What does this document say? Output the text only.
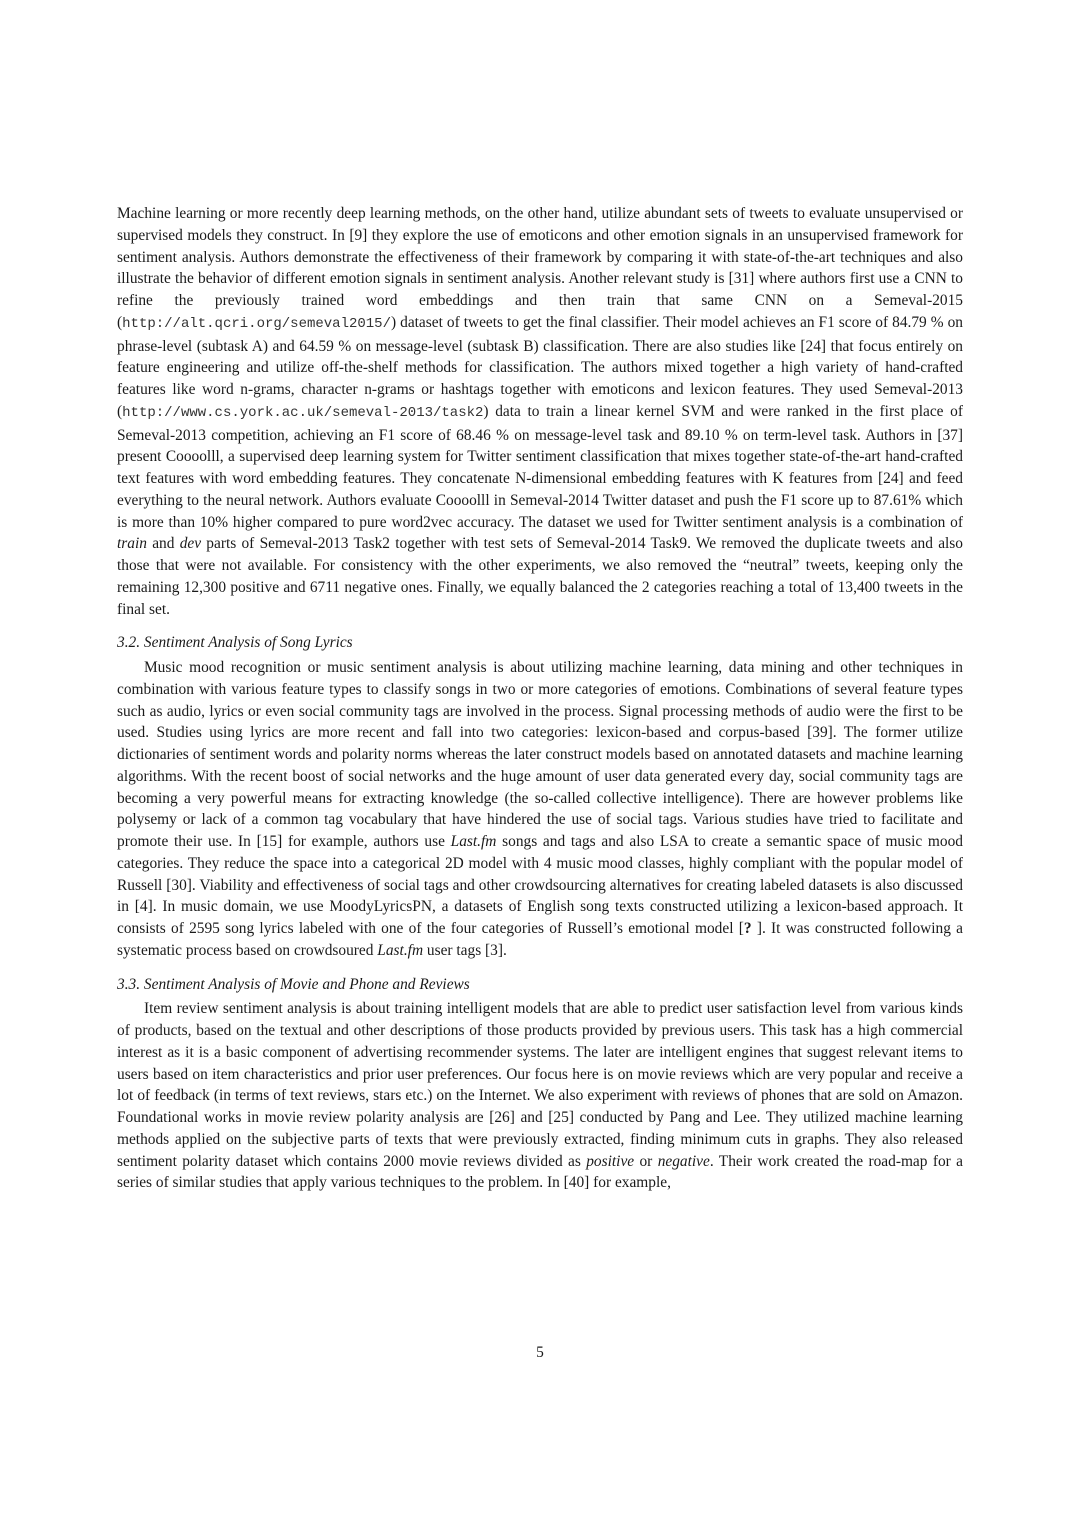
Machine learning or more recently deep learning methods, on the other hand, utilize abundant sets of tweets to evaluate unsupervised or supervised models they construct. In [9] they explore the use of emoticons and other emotion signals in an unsupervised framework for sentiment analysis. Authors demonstrate the effectiveness of their framework by comparing it with state-of-the-art techniques and also illustrate the behavior of different emotion signals in sentiment analysis. Another relevant study is [31] where authors first use a CNN to refine the previously trained word embeddings and then train that same CNN on a Semeval-2015 (http://alt.qcri.org/semeval2015/) dataset of tweets to get the final classifier. Their model achieves an F1 score of 84.79 % on phrase-level (subtask A) and 64.59 % on message-level (subtask B) classification. There are also studies like [24] that focus entirely on feature engineering and utilize off-the-shelf methods for classification. The authors mixed together a high variety of hand-crafted features like word n-grams, character n-grams or hashtags together with emoticons and lexicon features. They used Semeval-2013 (http://www.cs.york.ac.uk/semeval-2013/task2) data to train a linear kernel SVM and were ranked in the first place of Semeval-2013 competition, achieving an F1 score of 68.46 % on message-level task and 89.10 % on term-level task. Authors in [37] present Coooolll, a supervised deep learning system for Twitter sentiment classification that mixes together state-of-the-art hand-crafted text features with word embedding features. They concatenate N-dimensional embedding features with K features from [24] and feed everything to the neural network. Authors evaluate Coooolll in Semeval-2014 Twitter dataset and push the F1 score up to 87.61% which is more than 10% higher compared to pure word2vec accuracy. The dataset we used for Twitter sentiment analysis is a combination of train and dev parts of Semeval-2013 Task2 together with test sets of Semeval-2014 Task9. We removed the duplicate tweets and also those that were not available. For consistency with the other experiments, we also removed the “neutral” tweets, keeping only the remaining 12,300 positive and 6711 negative ones. Finally, we equally balanced the 2 categories reaching a total of 13,400 tweets in the final set.

3.2. Sentiment Analysis of Song Lyrics

Music mood recognition or music sentiment analysis is about utilizing machine learning, data mining and other techniques in combination with various feature types to classify songs in two or more categories of emotions. Combinations of several feature types such as audio, lyrics or even social community tags are involved in the process. Signal processing methods of audio were the first to be used. Studies using lyrics are more recent and fall into two categories: lexicon-based and corpus-based [39]. The former utilize dictionaries of sentiment words and polarity norms whereas the later construct models based on annotated datasets and machine learning algorithms. With the recent boost of social networks and the huge amount of user data generated every day, social community tags are becoming a very powerful means for extracting knowledge (the so-called collective intelligence). There are however problems like polysemy or lack of a common tag vocabulary that have hindered the use of social tags. Various studies have tried to facilitate and promote their use. In [15] for example, authors use Last.fm songs and tags and also LSA to create a semantic space of music mood categories. They reduce the space into a categorical 2D model with 4 music mood classes, highly compliant with the popular model of Russell [30]. Viability and effectiveness of social tags and other crowdsourcing alternatives for creating labeled datasets is also discussed in [4]. In music domain, we use MoodyLyricsPN, a datasets of English song texts constructed utilizing a lexicon-based approach. It consists of 2595 song lyrics labeled with one of the four categories of Russell’s emotional model [? ]. It was constructed following a systematic process based on crowdsoured Last.fm user tags [3].

3.3. Sentiment Analysis of Movie and Phone and Reviews

Item review sentiment analysis is about training intelligent models that are able to predict user satisfaction level from various kinds of products, based on the textual and other descriptions of those products provided by previous users. This task has a high commercial interest as it is a basic component of advertising recommender systems. The later are intelligent engines that suggest relevant items to users based on item characteristics and prior user preferences. Our focus here is on movie reviews which are very popular and receive a lot of feedback (in terms of text reviews, stars etc.) on the Internet. We also experiment with reviews of phones that are sold on Amazon. Foundational works in movie review polarity analysis are [26] and [25] conducted by Pang and Lee. They utilized machine learning methods applied on the subjective parts of texts that were previously extracted, finding minimum cuts in graphs. They also released sentiment polarity dataset which contains 2000 movie reviews divided as positive or negative. Their work created the road-map for a series of similar studies that apply various techniques to the problem. In [40] for example,

5
